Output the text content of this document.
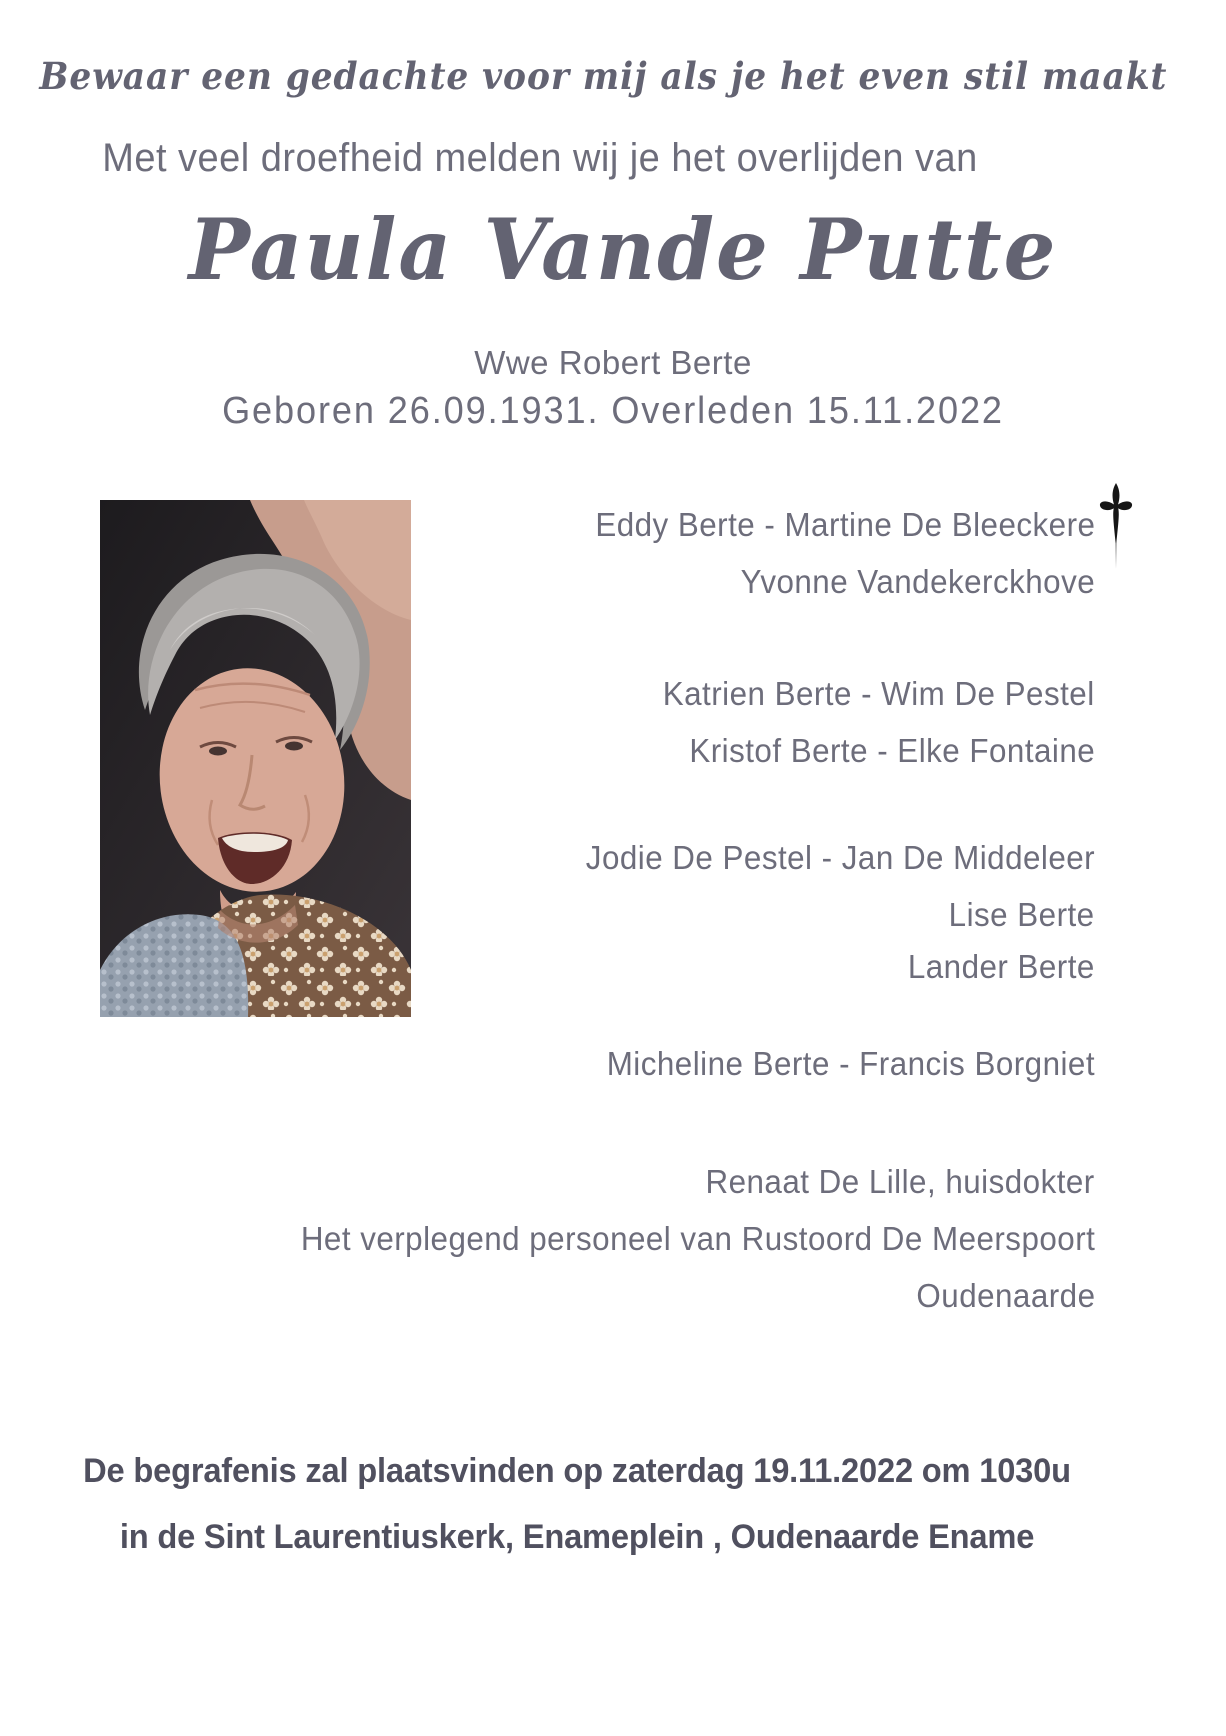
Bewaar een gedachte voor mij als je het even stil maakt
Met veel droefheid melden wij je het overlijden van
Paula Vande Putte
Wwe Robert Berte
Geboren 26.09.1931. Overleden 15.11.2022
Eddy Berte - Martine De Bleeckere
Yvonne Vandekerckhove
Katrien Berte - Wim De Pestel
Kristof Berte - Elke Fontaine
Jodie De Pestel - Jan De Middeleer
Lise Berte
Lander Berte
Micheline Berte - Francis Borgniet
Renaat De Lille, huisdokter
Het verplegend personeel van Rustoord De Meerspoort
Oudenaarde
De begrafenis zal plaatsvinden op zaterdag 19.11.2022 om 1030u
in de Sint Laurentiuskerk, Enameplein , Oudenaarde Ename
